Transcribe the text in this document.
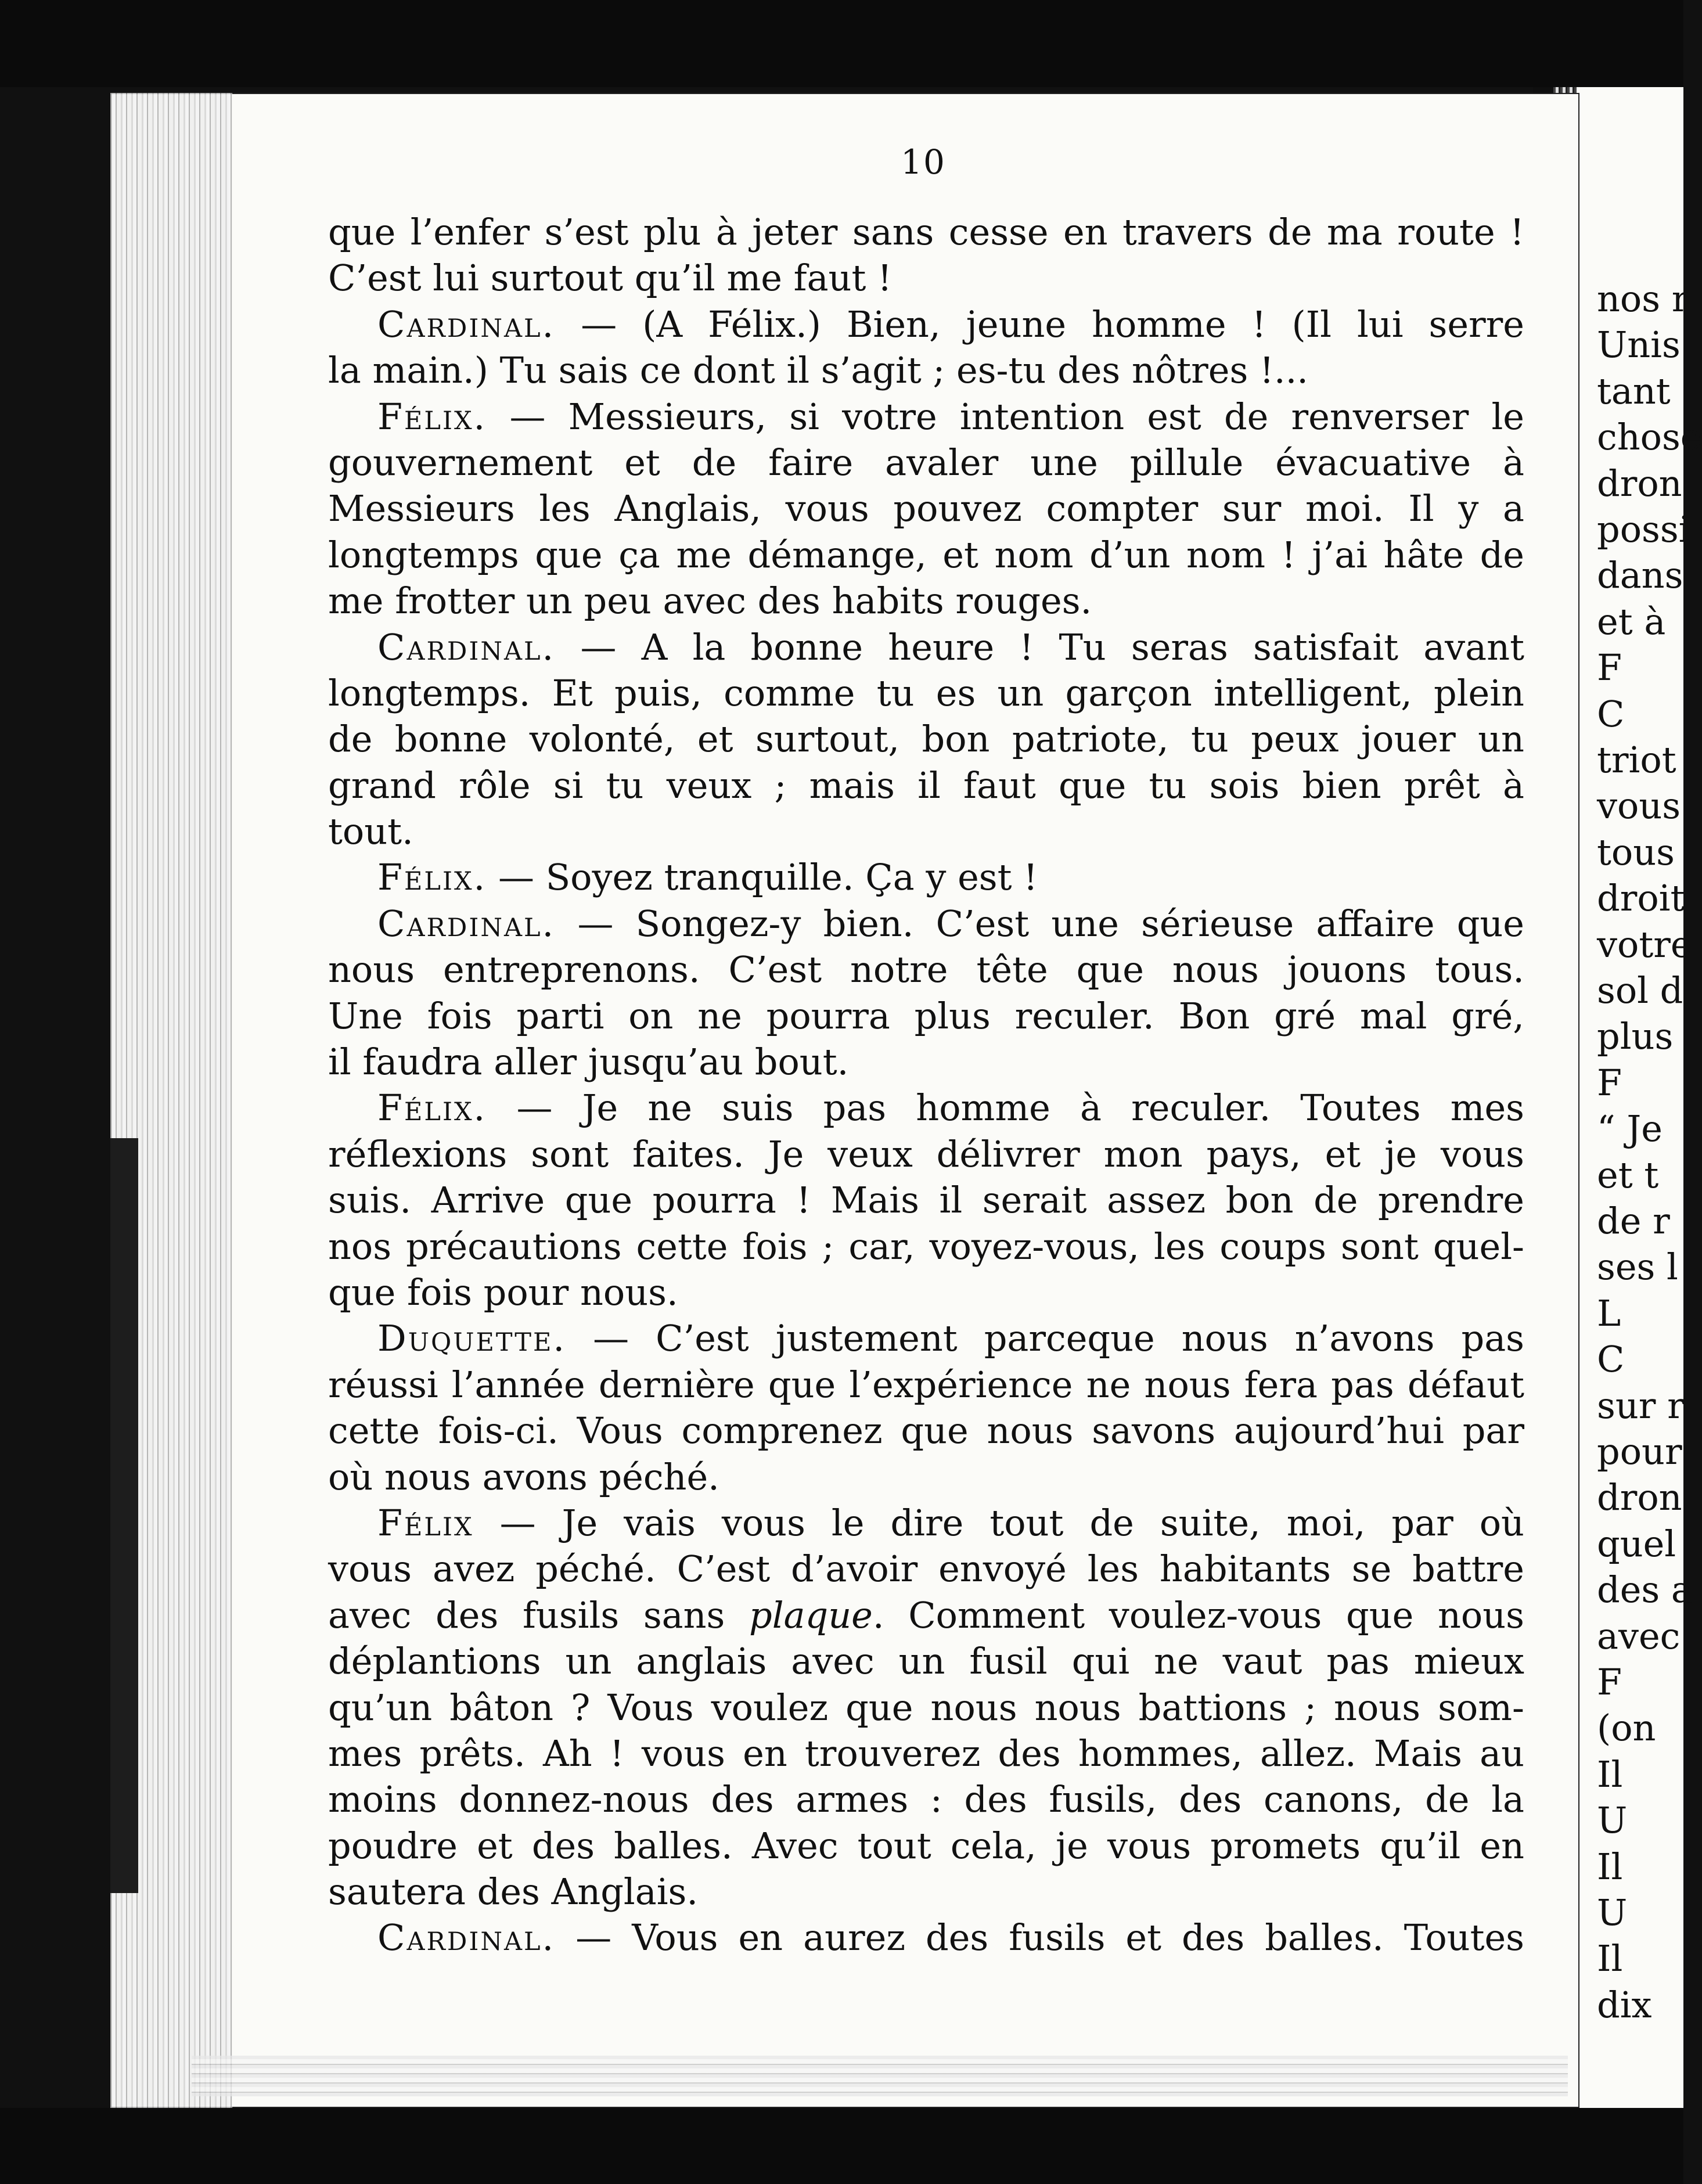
nos r
Unis
tant
chose
dron
possi
dans
et à
F
C
triot
vous
tous
droit
votre
sol d
plus
F
“ Je
et t
de r
ses l
L
C
sur r
pour
dron
quel
des a
avec
F
(on
Il
U
Il
U
Il
dix
10
que l’enfer s’est plu à jeter sans cesse en travers de ma route !
C’est lui surtout qu’il me faut !
Cardinal. — (A Félix.) Bien, jeune homme ! (Il lui serre
la main.) Tu sais ce dont il s’agit ; es-tu des nôtres !...
Félix. — Messieurs, si votre intention est de renverser le
gouvernement et de faire avaler une pillule évacuative à
Messieurs les Anglais, vous pouvez compter sur moi. Il y a
longtemps que ça me démange, et nom d’un nom ! j’ai hâte de
me frotter un peu avec des habits rouges.
Cardinal. — A la bonne heure ! Tu seras satisfait avant
longtemps. Et puis, comme tu es un garçon intelligent, plein
de bonne volonté, et surtout, bon patriote, tu peux jouer un
grand rôle si tu veux ; mais il faut que tu sois bien prêt à
tout.
Félix. — Soyez tranquille. Ça y est !
Cardinal. — Songez-y bien. C’est une sérieuse affaire que
nous entreprenons. C’est notre tête que nous jouons tous.
Une fois parti on ne pourra plus reculer. Bon gré mal gré,
il faudra aller jusqu’au bout.
Félix. — Je ne suis pas homme à reculer. Toutes mes
réflexions sont faites. Je veux délivrer mon pays, et je vous
suis. Arrive que pourra ! Mais il serait assez bon de prendre
nos précautions cette fois ; car, voyez-vous, les coups sont quel-
que fois pour nous.
Duquette. — C’est justement parceque nous n’avons pas
réussi l’année dernière que l’expérience ne nous fera pas défaut
cette fois-ci. Vous comprenez que nous savons aujourd’hui par
où nous avons péché.
Félix — Je vais vous le dire tout de suite, moi, par où
vous avez péché. C’est d’avoir envoyé les habitants se battre
avec des fusils sans plaque. Comment voulez-vous que nous
déplantions un anglais avec un fusil qui ne vaut pas mieux
qu’un bâton ? Vous voulez que nous nous battions ; nous som-
mes prêts. Ah ! vous en trouverez des hommes, allez. Mais au
moins donnez-nous des armes : des fusils, des canons, de la
poudre et des balles. Avec tout cela, je vous promets qu’il en
sautera des Anglais.
Cardinal. — Vous en aurez des fusils et des balles. Toutes
